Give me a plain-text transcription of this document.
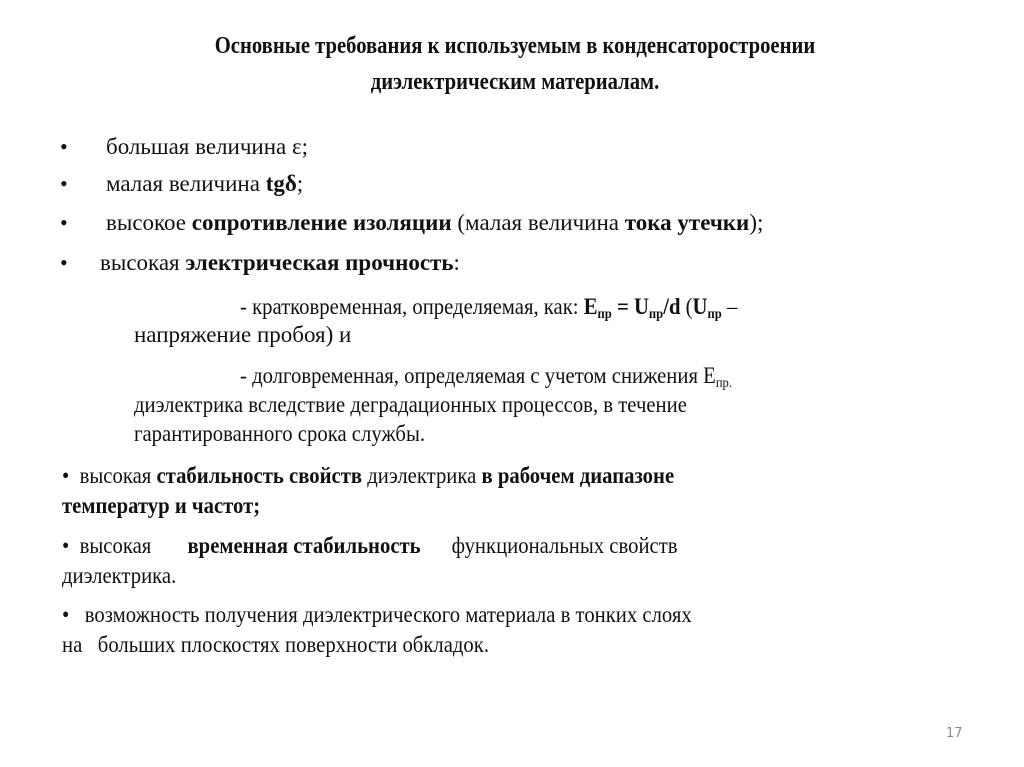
Основные требования к используемым в конденсаторостроении
диэлектрическим материалам.
• большая величина ε;
• малая величина tgδ;
• высокое сопротивление изоляции (малая величина тока утечки);
• высокая электрическая прочность:
- кратковременная, определяемая, как: $E_{пр} = U_{пр}/d$ ($U_{пр}$ –
напряжение пробоя) и
- долговременная, определяемая с учетом снижения $E_{пр.}$
диэлектрика вследствие деградационных процессов, в течение
гарантированного срока службы.
• высокая стабильность свойств диэлектрика в рабочем диапазоне
температур и частот;
• высокая       временная стабильность      функциональных свойств
диэлектрика.
• возможность получения диэлектрического материала в тонких слоях
на   больших плоскостях поверхности обкладок.
17
